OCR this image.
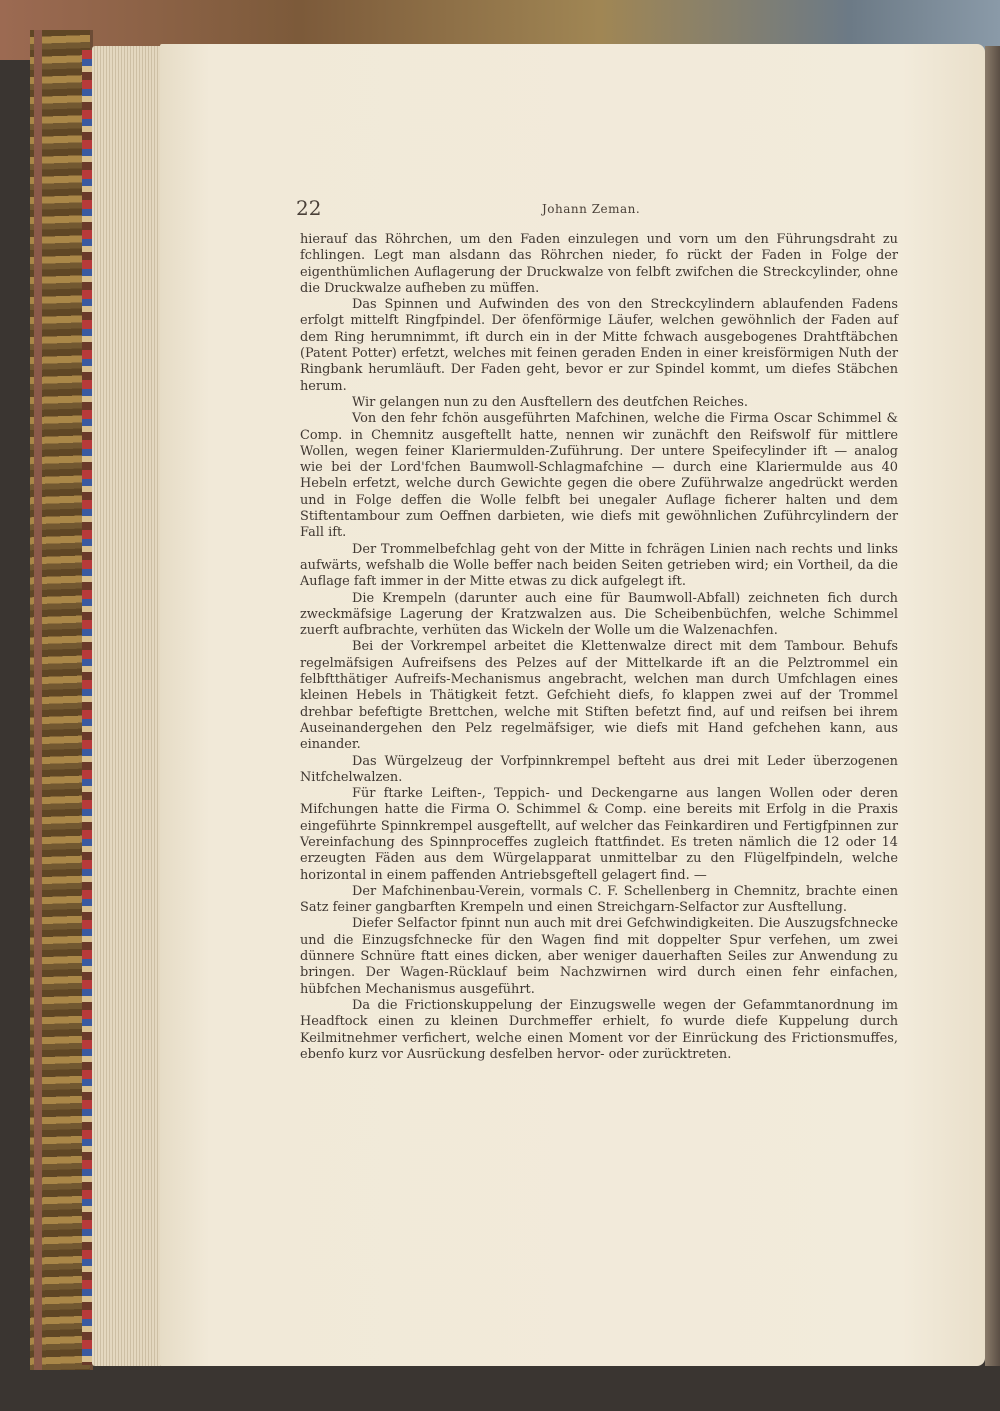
22	Johann Zeman.

hierauf das Röhrchen, um den Faden einzulegen und vorn um den Führungsdraht zu fchlingen. Legt man alsdann das Röhrchen nieder, fo rückt der Faden in Folge der eigenthümlichen Auflagerung der Druckwalze von felbft zwifchen die Streckcylinder, ohne die Druckwalze aufheben zu müffen.

Das Spinnen und Aufwinden des von den Streckcylindern ablaufenden Fadens erfolgt mittelft Ringfpindel. Der öfenförmige Läufer, welchen gewöhnlich der Faden auf dem Ring herumnimmt, ift durch ein in der Mitte fchwach ausgebogenes Drahtftäbchen (Patent Potter) erfetzt, welches mit feinen geraden Enden in einer kreisförmigen Nuth der Ringbank herumläuft. Der Faden geht, bevor er zur Spindel kommt, um diefes Stäbchen herum.

Wir gelangen nun zu den Ausftellern des deutfchen Reiches.

Von den fehr fchön ausgeführten Mafchinen, welche die Firma Oscar Schimmel & Comp. in Chemnitz ausgeftellt hatte, nennen wir zunächft den Reifswolf für mittlere Wollen, wegen feiner Klariermulden-Zuführung. Der untere Speifecylinder ift — analog wie bei der Lord'fchen Baumwoll-Schlagmafchine — durch eine Klariermulde aus 40 Hebeln erfetzt, welche durch Gewichte gegen die obere Zuführwalze angedrückt werden und in Folge deffen die Wolle felbft bei unegaler Auflage ficherer halten und dem Stiftentambour zum Oeffnen darbieten, wie diefs mit gewöhnlichen Zuführcylindern der Fall ift.

Der Trommelbefchlag geht von der Mitte in fchrägen Linien nach rechts und links aufwärts, wefshalb die Wolle beffer nach beiden Seiten getrieben wird; ein Vortheil, da die Auflage faft immer in der Mitte etwas zu dick aufgelegt ift.

Die Krempeln (darunter auch eine für Baumwoll-Abfall) zeichneten fich durch zweckmäfsige Lagerung der Kratzwalzen aus. Die Scheibenbüchfen, welche Schimmel zuerft aufbrachte, verhüten das Wickeln der Wolle um die Walzenachfen.

Bei der Vorkrempel arbeitet die Klettenwalze direct mit dem Tambour. Behufs regelmäfsigen Aufreifsens des Pelzes auf der Mittelkarde ift an die Pelztrommel ein felbftthätiger Aufreifs-Mechanismus angebracht, welchen man durch Umfchlagen eines kleinen Hebels in Thätigkeit fetzt. Gefchieht diefs, fo klappen zwei auf der Trommel drehbar befeftigte Brettchen, welche mit Stiften befetzt find, auf und reifsen bei ihrem Auseinandergehen den Pelz regelmäfsiger, wie diefs mit Hand gefchehen kann, aus einander.

Das Würgelzeug der Vorfpinnkrempel befteht aus drei mit Leder überzogenen Nitfchelwalzen.

Für ftarke Leiften-, Teppich- und Deckengarne aus langen Wollen oder deren Mifchungen hatte die Firma O. Schimmel & Comp. eine bereits mit Erfolg in die Praxis eingeführte Spinnkrempel ausgeftellt, auf welcher das Feinkardiren und Fertigfpinnen zur Vereinfachung des Spinnproceffes zugleich ftattfindet. Es treten nämlich die 12 oder 14 erzeugten Fäden aus dem Würgelapparat unmittelbar zu den Flügelfpindeln, welche horizontal in einem paffenden Antriebsgeftell gelagert find. —

Der Mafchinenbau-Verein, vormals C. F. Schellenberg in Chemnitz, brachte einen Satz feiner gangbarften Krempeln und einen Streichgarn-Selfactor zur Ausftellung.

Diefer Selfactor fpinnt nun auch mit drei Gefchwindigkeiten. Die Auszugsfchnecke und die Einzugsfchnecke für den Wagen find mit doppelter Spur verfehen, um zwei dünnere Schnüre ftatt eines dicken, aber weniger dauerhaften Seiles zur Anwendung zu bringen. Der Wagen-Rücklauf beim Nachzwirnen wird durch einen fehr einfachen, hübfchen Mechanismus ausgeführt.

Da die Frictionskuppelung der Einzugswelle wegen der Gefammtanordnung im Headftock einen zu kleinen Durchmeffer erhielt, fo wurde diefe Kuppelung durch Keilmitnehmer verfichert, welche einen Moment vor der Einrückung des Frictionsmuffes, ebenfo kurz vor Ausrückung desfelben hervor- oder zurücktreten.
